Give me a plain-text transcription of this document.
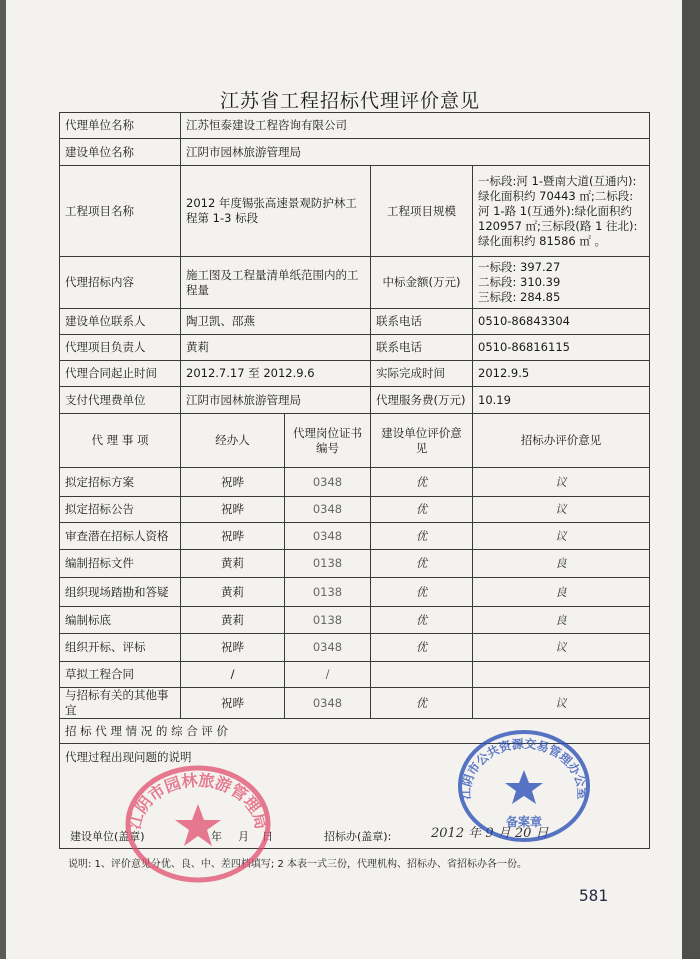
江苏省工程招标代理评价意见
代理单位名称	江苏恒泰建设工程咨询有限公司			
建设单位名称	江阴市园林旅游管理局			
工程项目名称	2012 年度锡张高速景观防护林工程第 1-3 标段		工程项目规模	一标段:河 1-暨南大道(互通内):绿化面积约 70443 ㎡;二标段:河 1-路 1(互通外):绿化面积约 120957 ㎡;三标段(路 1 往北):绿化面积约 81586 ㎡ 。
代理招标内容	施工图及工程量清单纸范围内的工程量		中标金额(万元)	一标段: 397.27
二标段: 310.39
三标段: 284.85

建设单位联系人	陶卫凯、邵燕		联系电话	0510-86843304
代理项目负责人	黄莉		联系电话	0510-86816115
代理合同起止时间	2012.7.17 至 2012.9.6		实际完成时间	2012.9.5
支付代理费单位	江阴市园林旅游管理局		代理服务费(万元)	10.19
代 理 事 项	经办人	代理岗位证书编号	建设单位评价意见	招标办评价意见
拟定招标方案	祝晔	0348	优	议
拟定招标公告	祝晔	0348	优	议
审查潜在招标人资格	祝晔	0348	优	议
编制招标文件	黄莉	0138	优	良
组织现场踏勘和答疑	黄莉	0138	优	良
编制标底	黄莉	0138	优	良
组织开标、评标	祝晔	0348	优	议
草拟工程合同	/	/		
与招标有关的其他事宜	祝晔	0348	优	议
招 标 代 理 情 况 的 综 合 评 价				
代理过程出现问题的说明				
建设单位(盖章)	年 月 日	招标办(盖章):	2012 年 9 月 20 日
说明: 1、评价意见分优、良、中、差四档填写; 2 本表一式三份，代理机构、招标办、省招标办各一份。
581
江阴市园林旅游管理局
江阴市公共资源交易管理办公室
备案章
